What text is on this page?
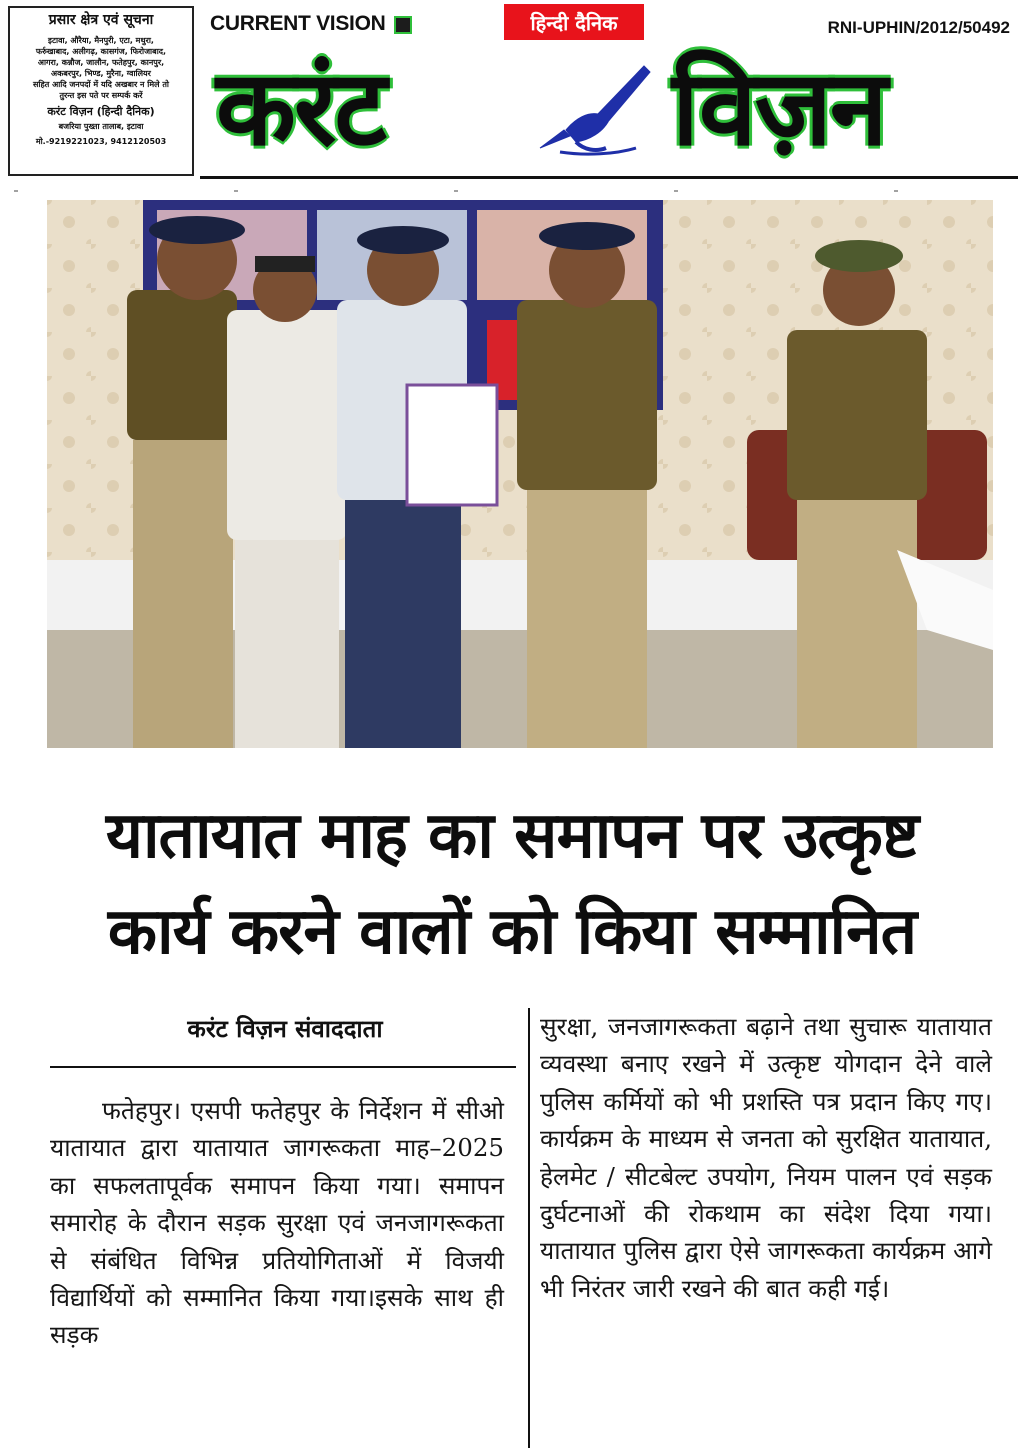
प्रसार क्षेत्र एवं सूचना
इटावा, औरैया, मैनपुरी, एटा, मथुरा,
फर्रुखाबाद, अलीगढ़, कासगंज, फिरोजाबाद,
आगरा, कन्नौज, जालौन, फतेहपुर, कानपुर,
अकबरपुर, भिण्ड, मुरैना, ग्वालियर
सहित आदि जनपदों में यदि अखबार न मिले तो
तुरन्त इस पते पर सम्पर्क करें
करंट विज़न (हिन्दी दैनिक)
बजरिया पुख्ता तालाब, इटावा
मो.-9219221023, 9412120503
CURRENT VISION	हिन्दी दैनिक	RNI-UPHIN/2012/50492
करंट	विज़न
यातायात माह का समापन पर उत्कृष्ट
कार्य करने वालों को किया सम्मानित
करंट विज़न संवाददाता
फतेहपुर। एसपी फतेहपुर के निर्देशन में सीओ यातायात द्वारा यातायात जागरूकता माह–2025 का सफलतापूर्वक समापन किया गया। समापन समारोह के दौरान सड़क सुरक्षा एवं जनजागरूकता से संबंधित विभिन्न प्रतियोगिताओं में विजयी विद्यार्थियों को सम्मानित किया गया।इसके साथ ही सड़क
सुरक्षा, जनजागरूकता बढ़ाने तथा सुचारू यातायात व्यवस्था बनाए रखने में उत्कृष्ट योगदान देने वाले पुलिस कर्मियों को भी प्रशस्ति पत्र प्रदान किए गए।कार्यक्रम के माध्यम से जनता को सुरक्षित यातायात, हेलमेट / सीटबेल्ट उपयोग, नियम पालन एवं सड़क दुर्घटनाओं की रोकथाम का संदेश दिया गया। यातायात पुलिस द्वारा ऐसे जागरूकता कार्यक्रम आगे भी निरंतर जारी रखने की बात कही गई।
